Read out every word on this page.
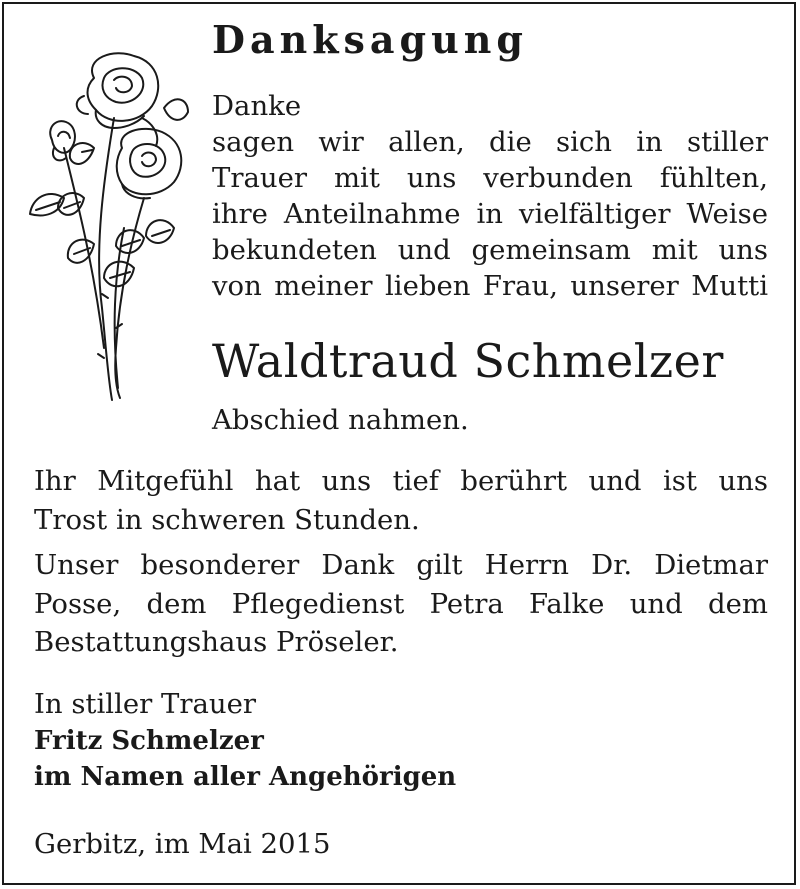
Danksagung
Danke
sagen wir allen, die sich in stiller
Trauer mit uns verbunden fühlten,
ihre Anteilnahme in vielfältiger Weise
bekundeten und gemeinsam mit uns
von meiner lieben Frau, unserer Mutti
Waldtraud Schmelzer

Abschied nahmen.

Ihr Mitgefühl hat uns tief berührt und ist uns
Trost in schweren Stunden.
Unser besonderer Dank gilt Herrn Dr. Dietmar
Posse, dem Pflegedienst Petra Falke und dem
Bestattungshaus Pröseler.
In stiller Trauer
Fritz Schmelzer
im Namen aller Angehörigen

Gerbitz, im Mai 2015
